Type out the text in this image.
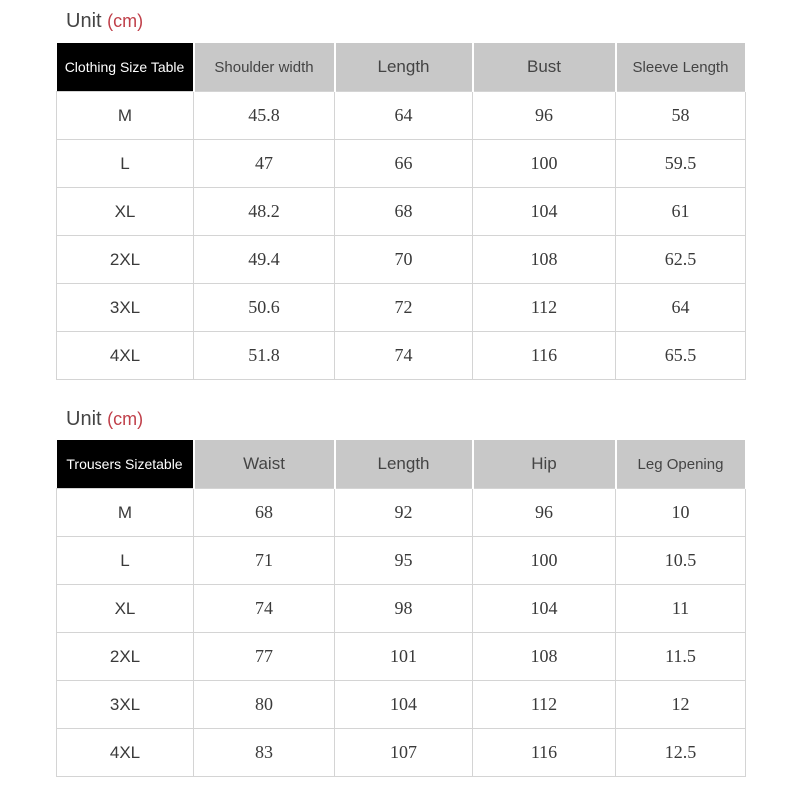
Unit (cm)
Clothing Size Table	Shoulder width	Length	Bust	Sleeve Length
M	45.8	64	96	58
L	47	66	100	59.5
XL	48.2	68	104	61
2XL	49.4	70	108	62.5
3XL	50.6	72	112	64
4XL	51.8	74	116	65.5
Unit (cm)
Trousers Sizetable	Waist	Length	Hip	Leg Opening
M	68	92	96	10
L	71	95	100	10.5
XL	74	98	104	11
2XL	77	101	108	11.5
3XL	80	104	112	12
4XL	83	107	116	12.5
